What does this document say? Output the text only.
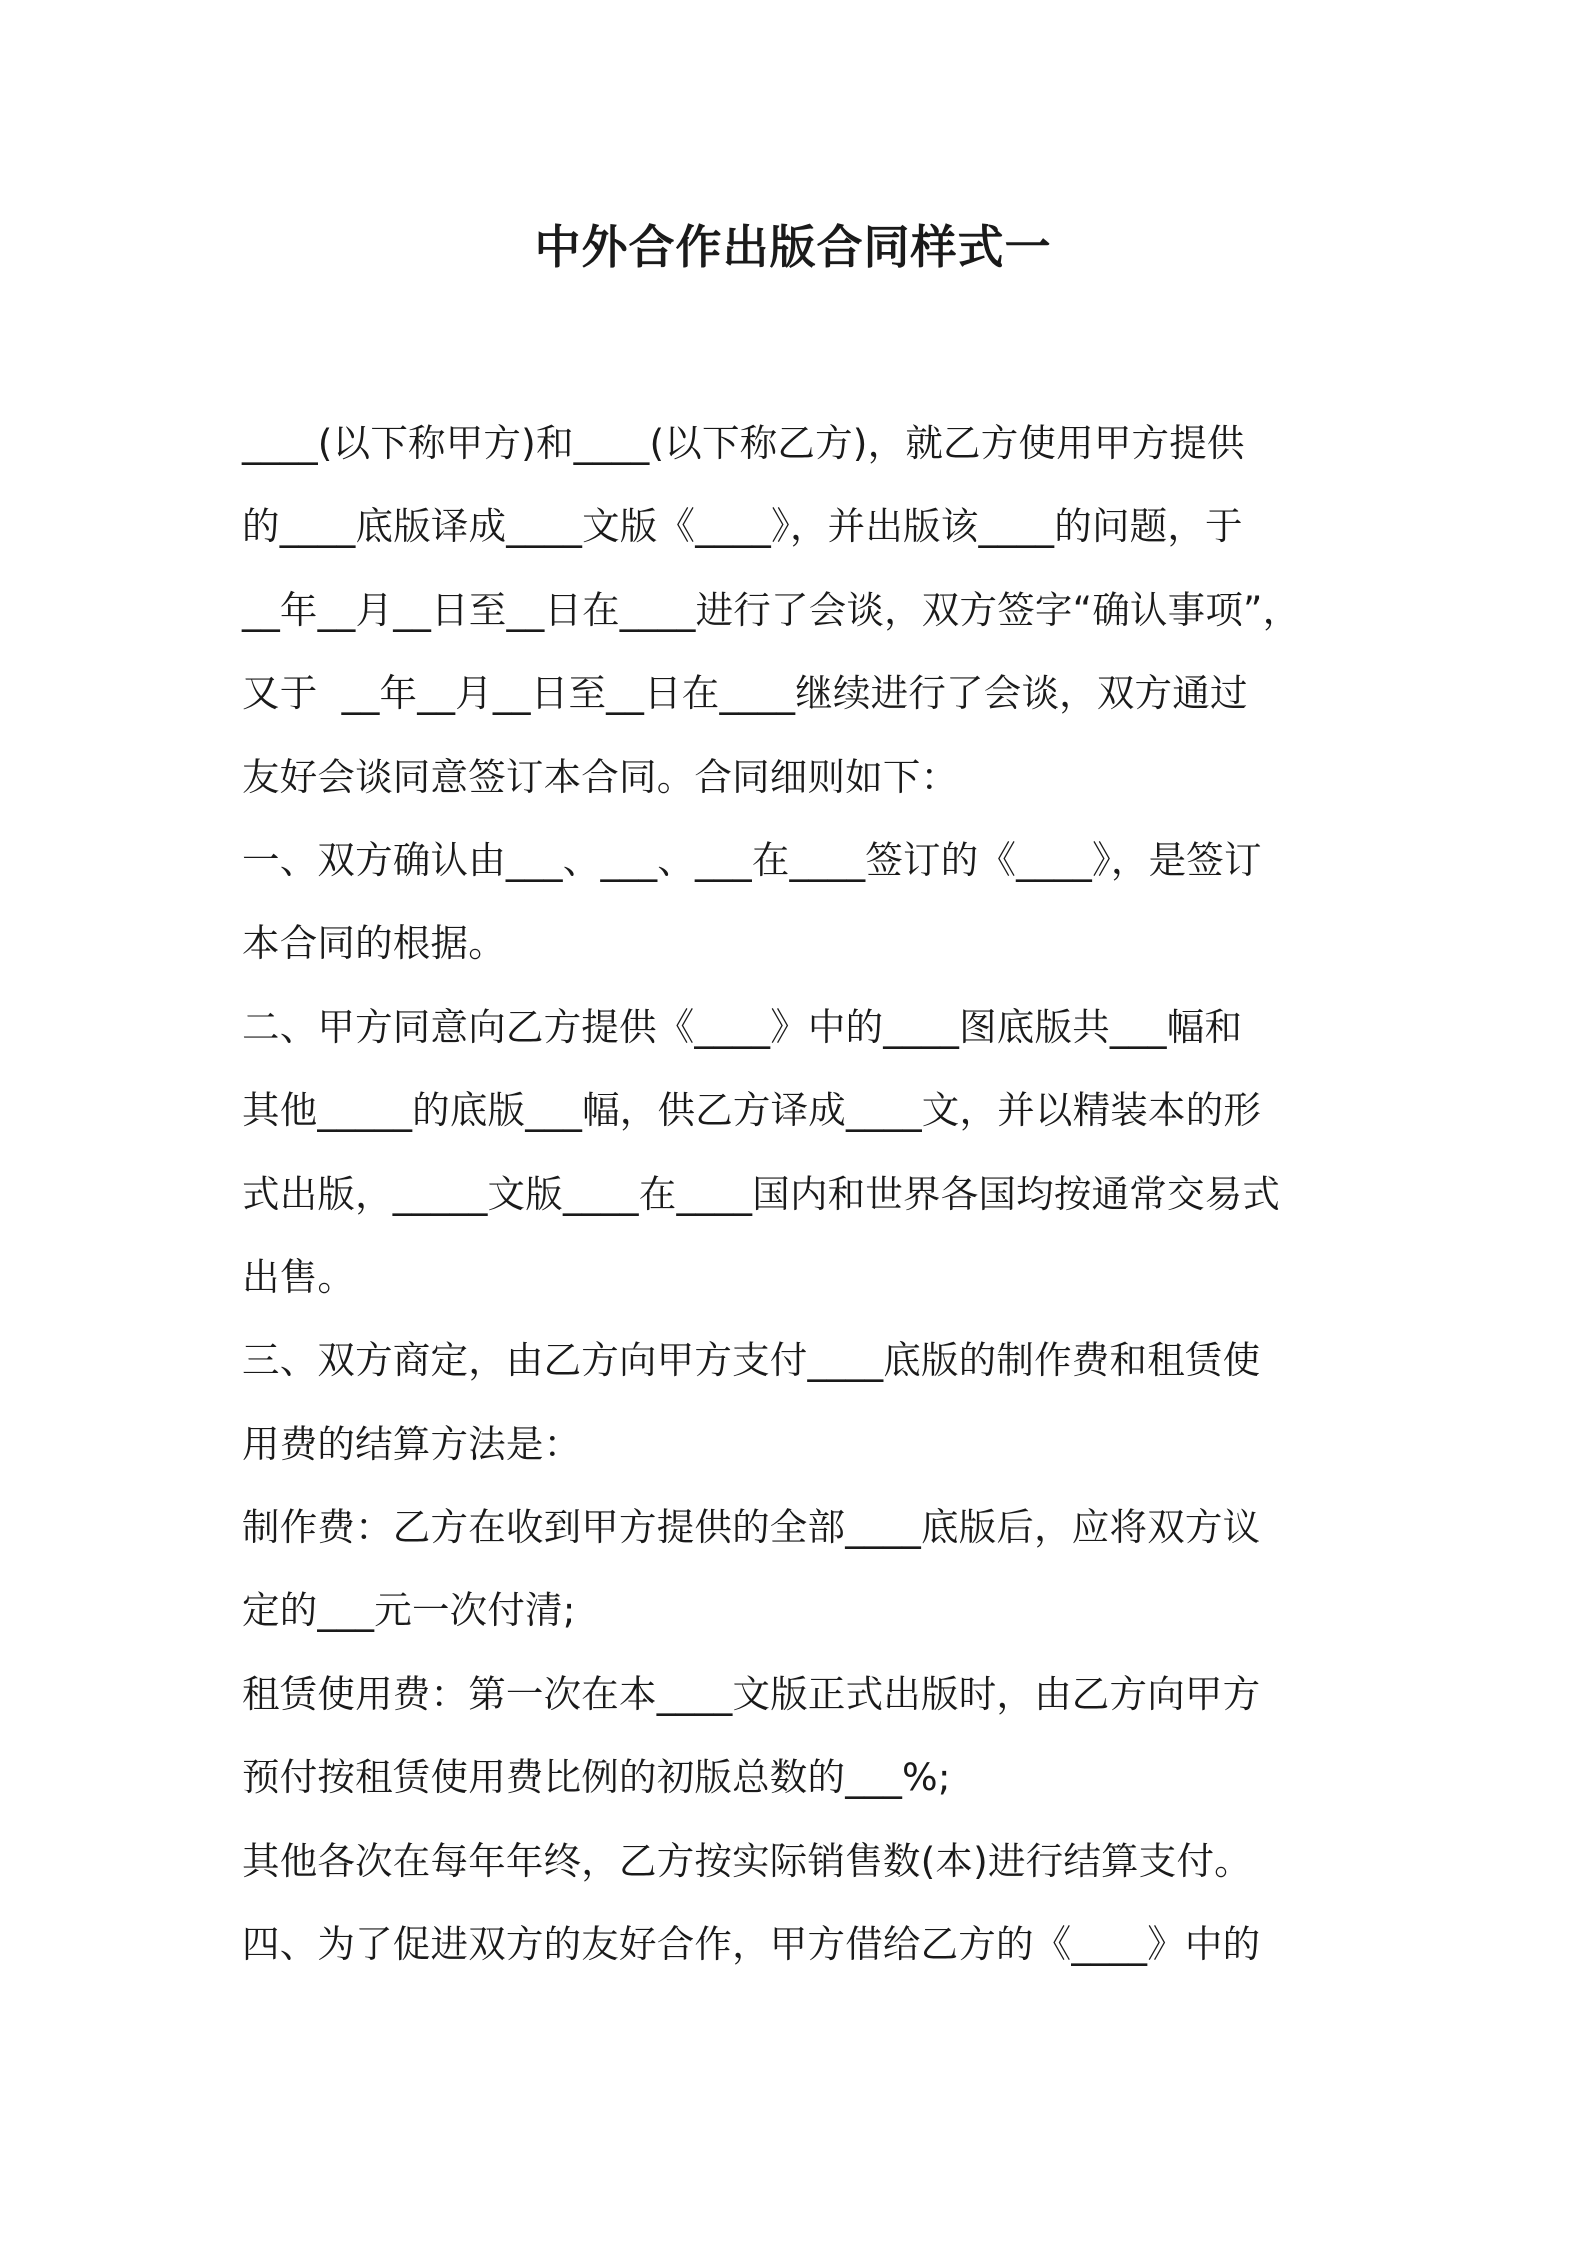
中外合作出版合同样式一
____(以下称甲方)和____(以下称乙方)，就乙方使用甲方提供
的____底版译成____文版《____》，并出版该____的问题，于
__年__月__日至__日在____进行了会谈，双方签字“确认事项”，
又于  __年__月__日至__日在____继续进行了会谈，双方通过
友好会谈同意签订本合同。合同细则如下：
一、双方确认由___、___、___在____签订的《____》，是签订
本合同的根据。
二、甲方同意向乙方提供《____》中的____图底版共___幅和
其他_____的底版___幅，供乙方译成____文，并以精装本的形
式出版，_____文版____在____国内和世界各国均按通常交易式
出售。
三、双方商定，由乙方向甲方支付____底版的制作费和租赁使
用费的结算方法是：
制作费：乙方在收到甲方提供的全部____底版后，应将双方议
定的___元一次付清;
租赁使用费：第一次在本____文版正式出版时，由乙方向甲方
预付按租赁使用费比例的初版总数的___%;
其他各次在每年年终，乙方按实际销售数(本)进行结算支付。
四、为了促进双方的友好合作，甲方借给乙方的《____》中的
